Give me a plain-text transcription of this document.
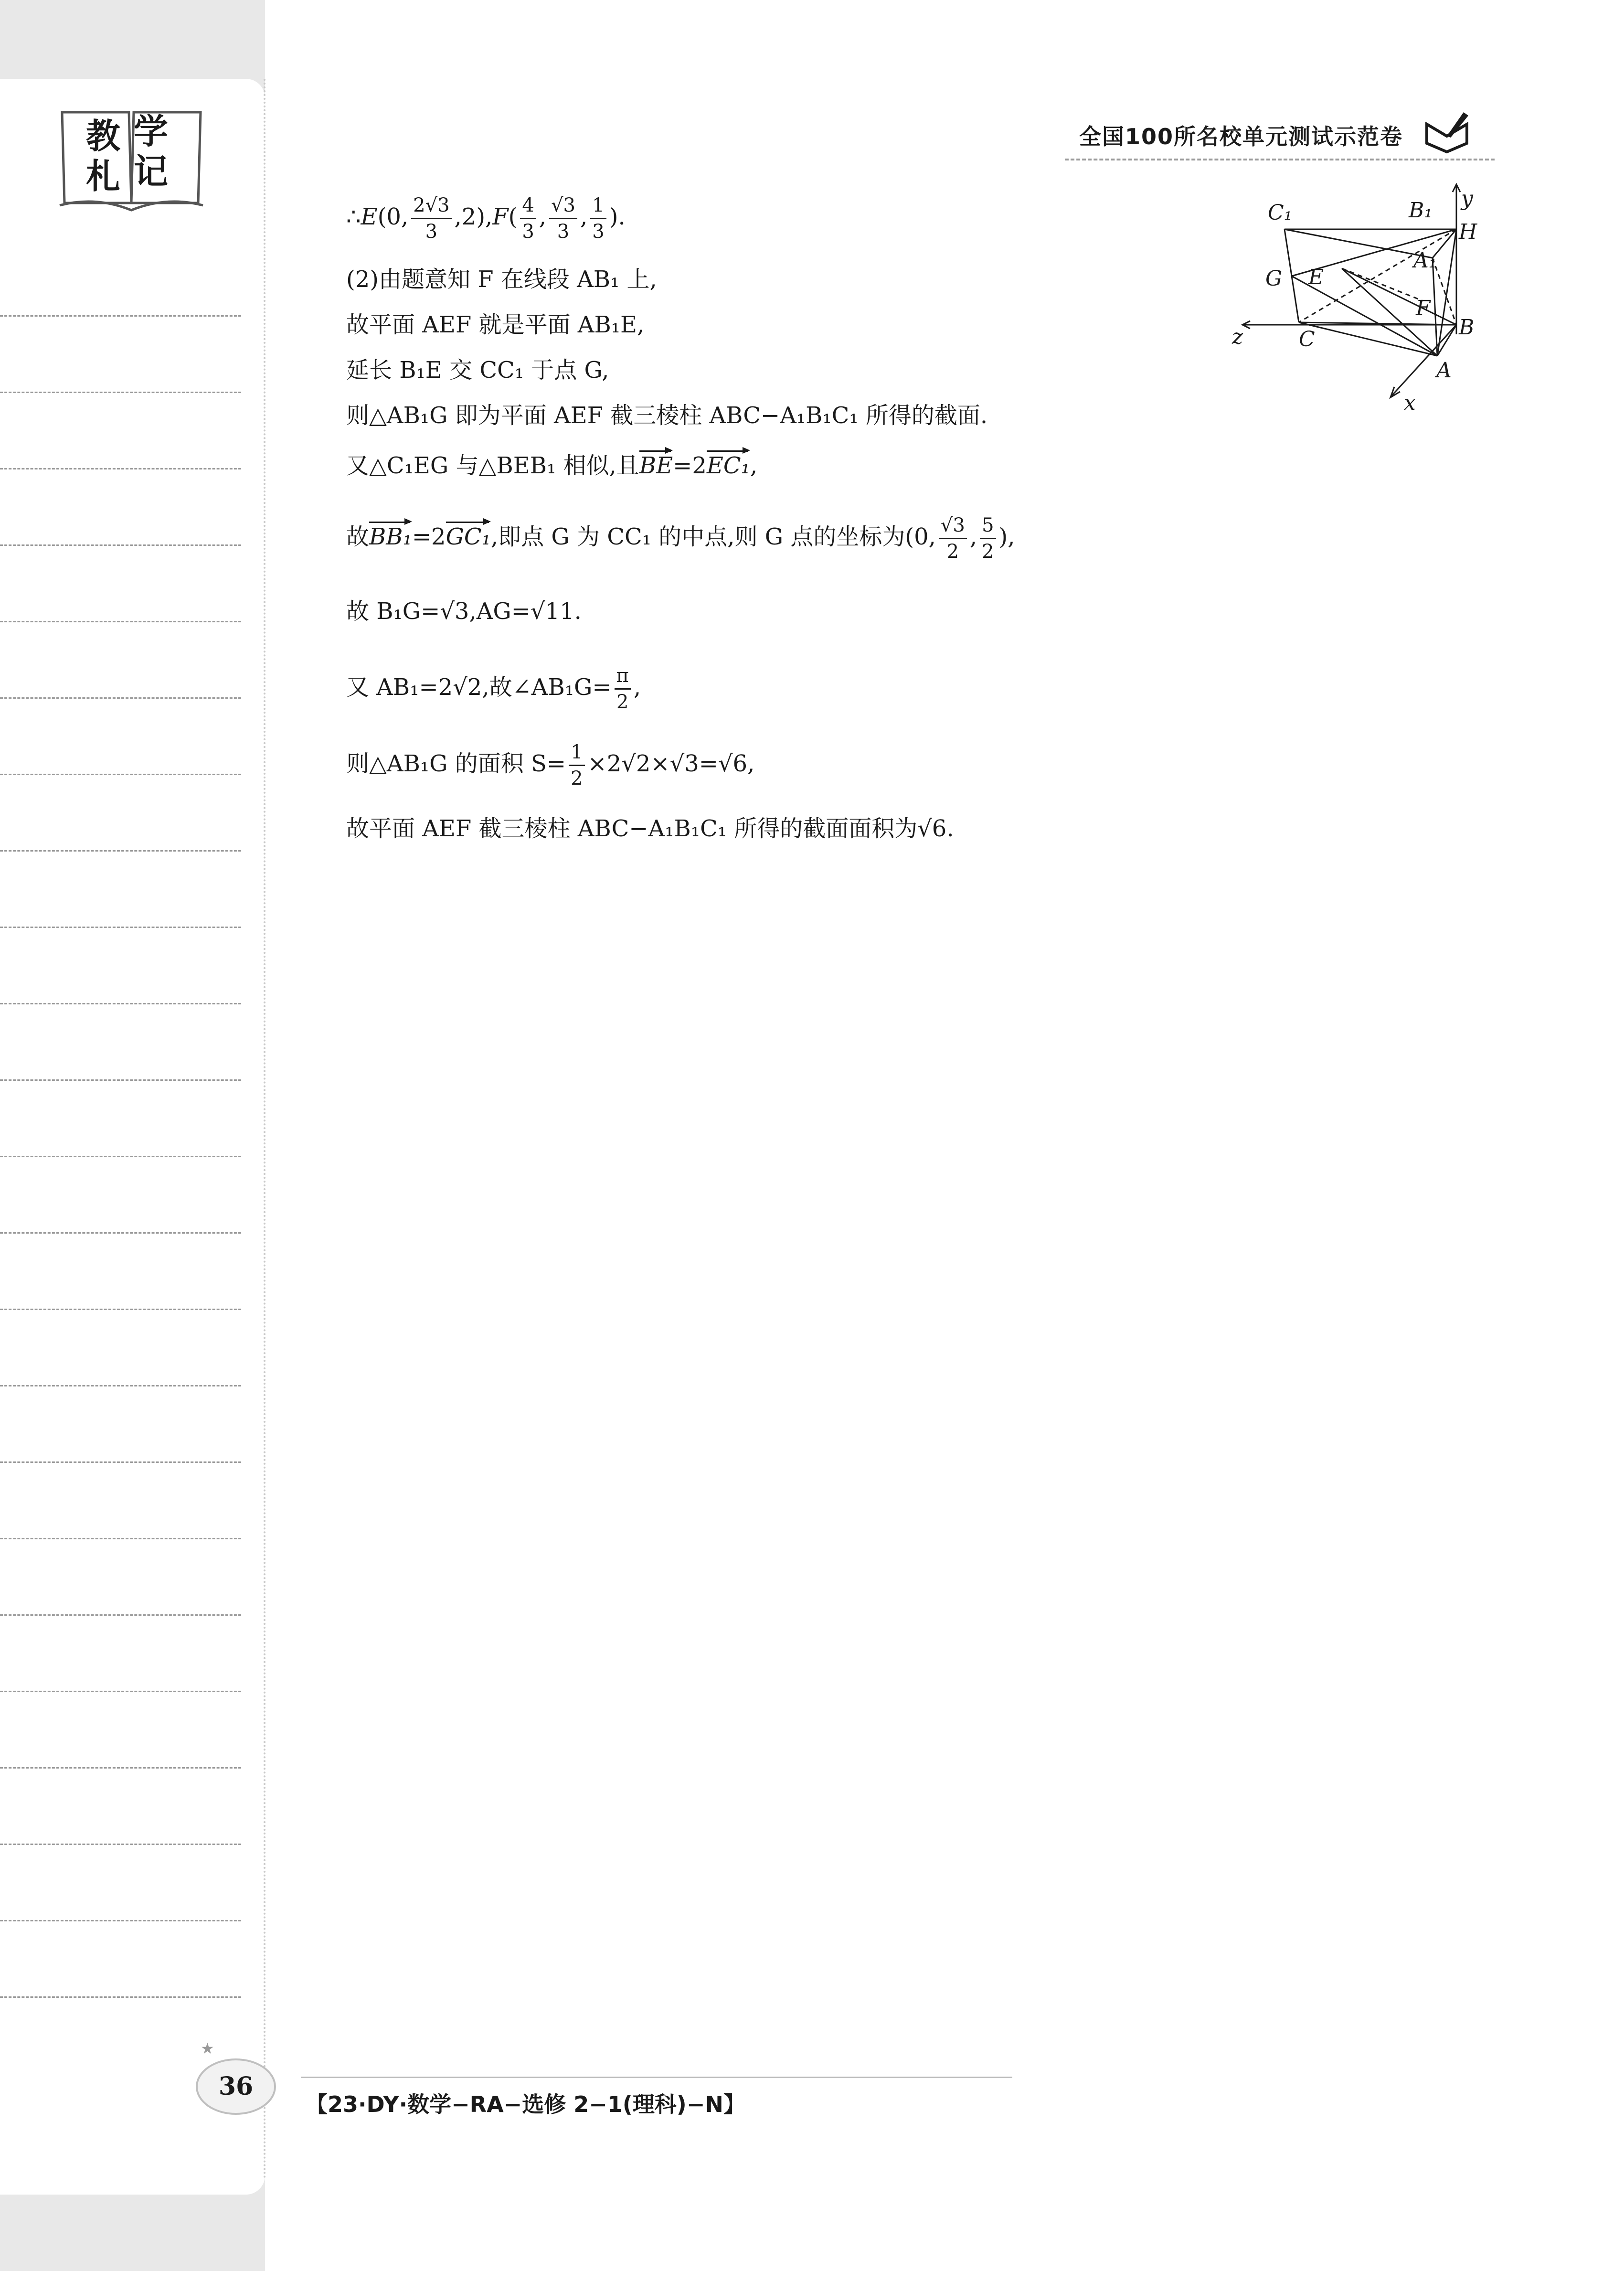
教 学
札 记
全国100所名校单元测试示范卷
∴E(0, $\frac{2√3}{3} ,2),F( \frac{4}{3}$ , $\frac{√3}{3}$ , $\frac{1}{3}$ ).
(2)由题意知 F 在线段 AB₁ 上,
故平面 AEF 就是平面 AB₁E,
延长 B₁E 交 CC₁ 于点 G,
则△AB₁G 即为平面 AEF 截三棱柱 ABC−A₁B₁C₁ 所得的截面.
又△C₁EG 与△BEB₁ 相似,且BE=2EC₁,
故BB₁=2GC₁,即点 G 为 CC₁ 的中点,则 G 点的坐标为(0, $\frac{√3}{2}$ , $\frac{5}{2}$ ),
故 B₁G=√3,AG=√11.
又 AB₁=2√2,故∠AB₁G= $\frac{\pi}{2}$ ,
则△AB₁G 的面积 $S= \frac{1}{2} \times 2√2\times√3=√6$,
故平面 AEF 截三棱柱 ABC−A₁B₁C₁ 所得的截面面积为√6.
C₁	B₁ y
H
A₁
G E
F
z	C	B
A
x
★
36
【23·DY·数学−RA−选修 2−1(理科)−N】
